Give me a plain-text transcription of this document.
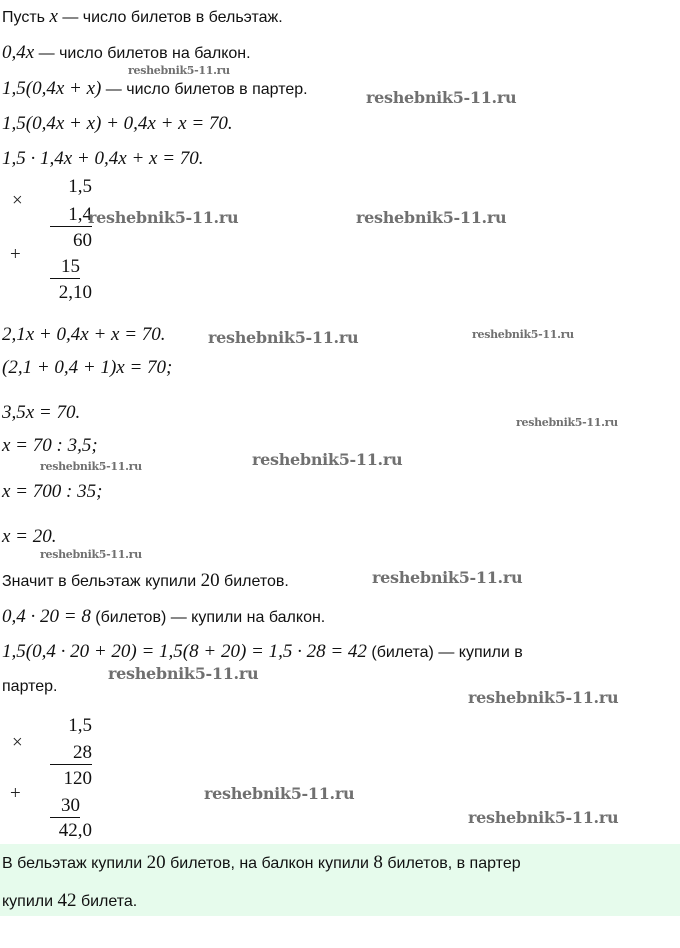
Пусть x — число билетов в бельэтаж.
0,4x — число билетов на балкон.
1,5(0,4x + x) — число билетов в партер.
1,5(0,4x + x) + 0,4x + x = 70.
1,5 · 1,4x + 0,4x + x = 70.
×
1,5
1,4
60
+
15
2,10
2,1x + 0,4x + x = 70.
(2,1 + 0,4 + 1)x = 70;
3,5x = 70.
x = 70 : 3,5;
x = 700 : 35;
x = 20.
Значит в бельэтаж купили 20 билетов.
0,4 · 20 = 8 (билетов) — купили на балкон.
1,5(0,4 · 20 + 20) = 1,5(8 + 20) = 1,5 · 28 = 42 (билета) — купили в
партер.
×
1,5
28
120
+
30
42,0
В бельэтаж купили 20 билетов, на балкон купили 8 билетов, в партер
купили 42 билета.
reshebnik5-11.ru
reshebnik5-11.ru
reshebnik5-11.ru	reshebnik5-11.ru
reshebnik5-11.ru	reshebnik5-11.ru
reshebnik5-11.ru
reshebnik5-11.ru	reshebnik5-11.ru
reshebnik5-11.ru
reshebnik5-11.ru
reshebnik5-11.ru
reshebnik5-11.ru
reshebnik5-11.ru
reshebnik5-11.ru
